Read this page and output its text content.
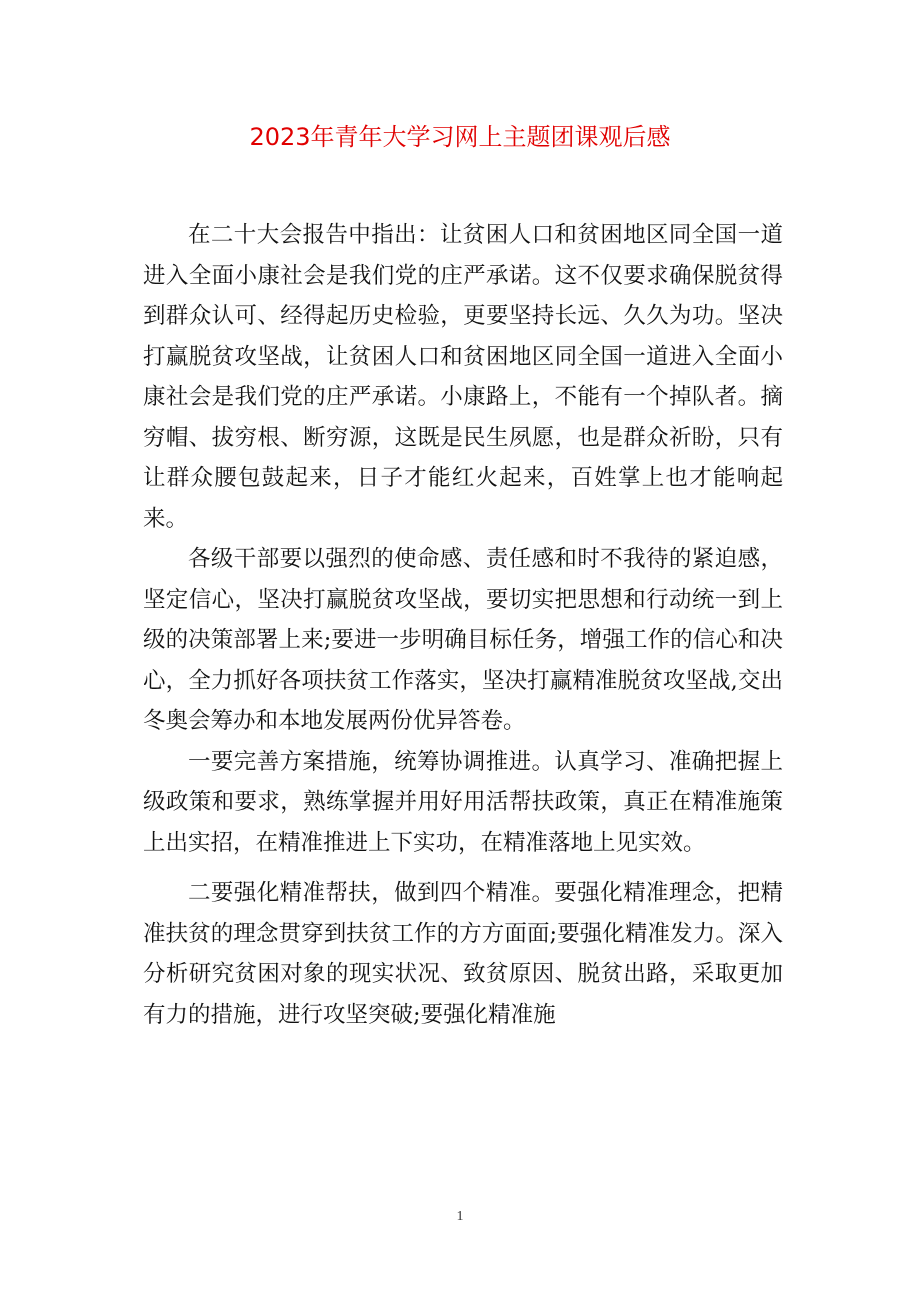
2023年青年大学习网上主题团课观后感

在二十大会报告中指出：让贫困人口和贫困地区同全国一道进入全面小康社会是我们党的庄严承诺。这不仅要求确保脱贫得到群众认可、经得起历史检验，更要坚持长远、久久为功。坚决打赢脱贫攻坚战，让贫困人口和贫困地区同全国一道进入全面小康社会是我们党的庄严承诺。小康路上，不能有一个掉队者。摘穷帽、拔穷根、断穷源，这既是民生夙愿，也是群众祈盼，只有让群众腰包鼓起来，日子才能红火起来，百姓掌上也才能响起来。

各级干部要以强烈的使命感、责任感和时不我待的紧迫感，坚定信心，坚决打赢脱贫攻坚战，要切实把思想和行动统一到上级的决策部署上来;要进一步明确目标任务，增强工作的信心和决心，全力抓好各项扶贫工作落实，坚决打赢精准脱贫攻坚战,交出冬奥会筹办和本地发展两份优异答卷。

一要完善方案措施，统筹协调推进。认真学习、准确把握上级政策和要求，熟练掌握并用好用活帮扶政策，真正在精准施策上出实招，在精准推进上下实功，在精准落地上见实效。

二要强化精准帮扶，做到四个精准。要强化精准理念，把精准扶贫的理念贯穿到扶贫工作的方方面面;要强化精准发力。深入分析研究贫困对象的现实状况、致贫原因、脱贫出路，采取更加有力的措施，进行攻坚突破;要强化精准施

1
